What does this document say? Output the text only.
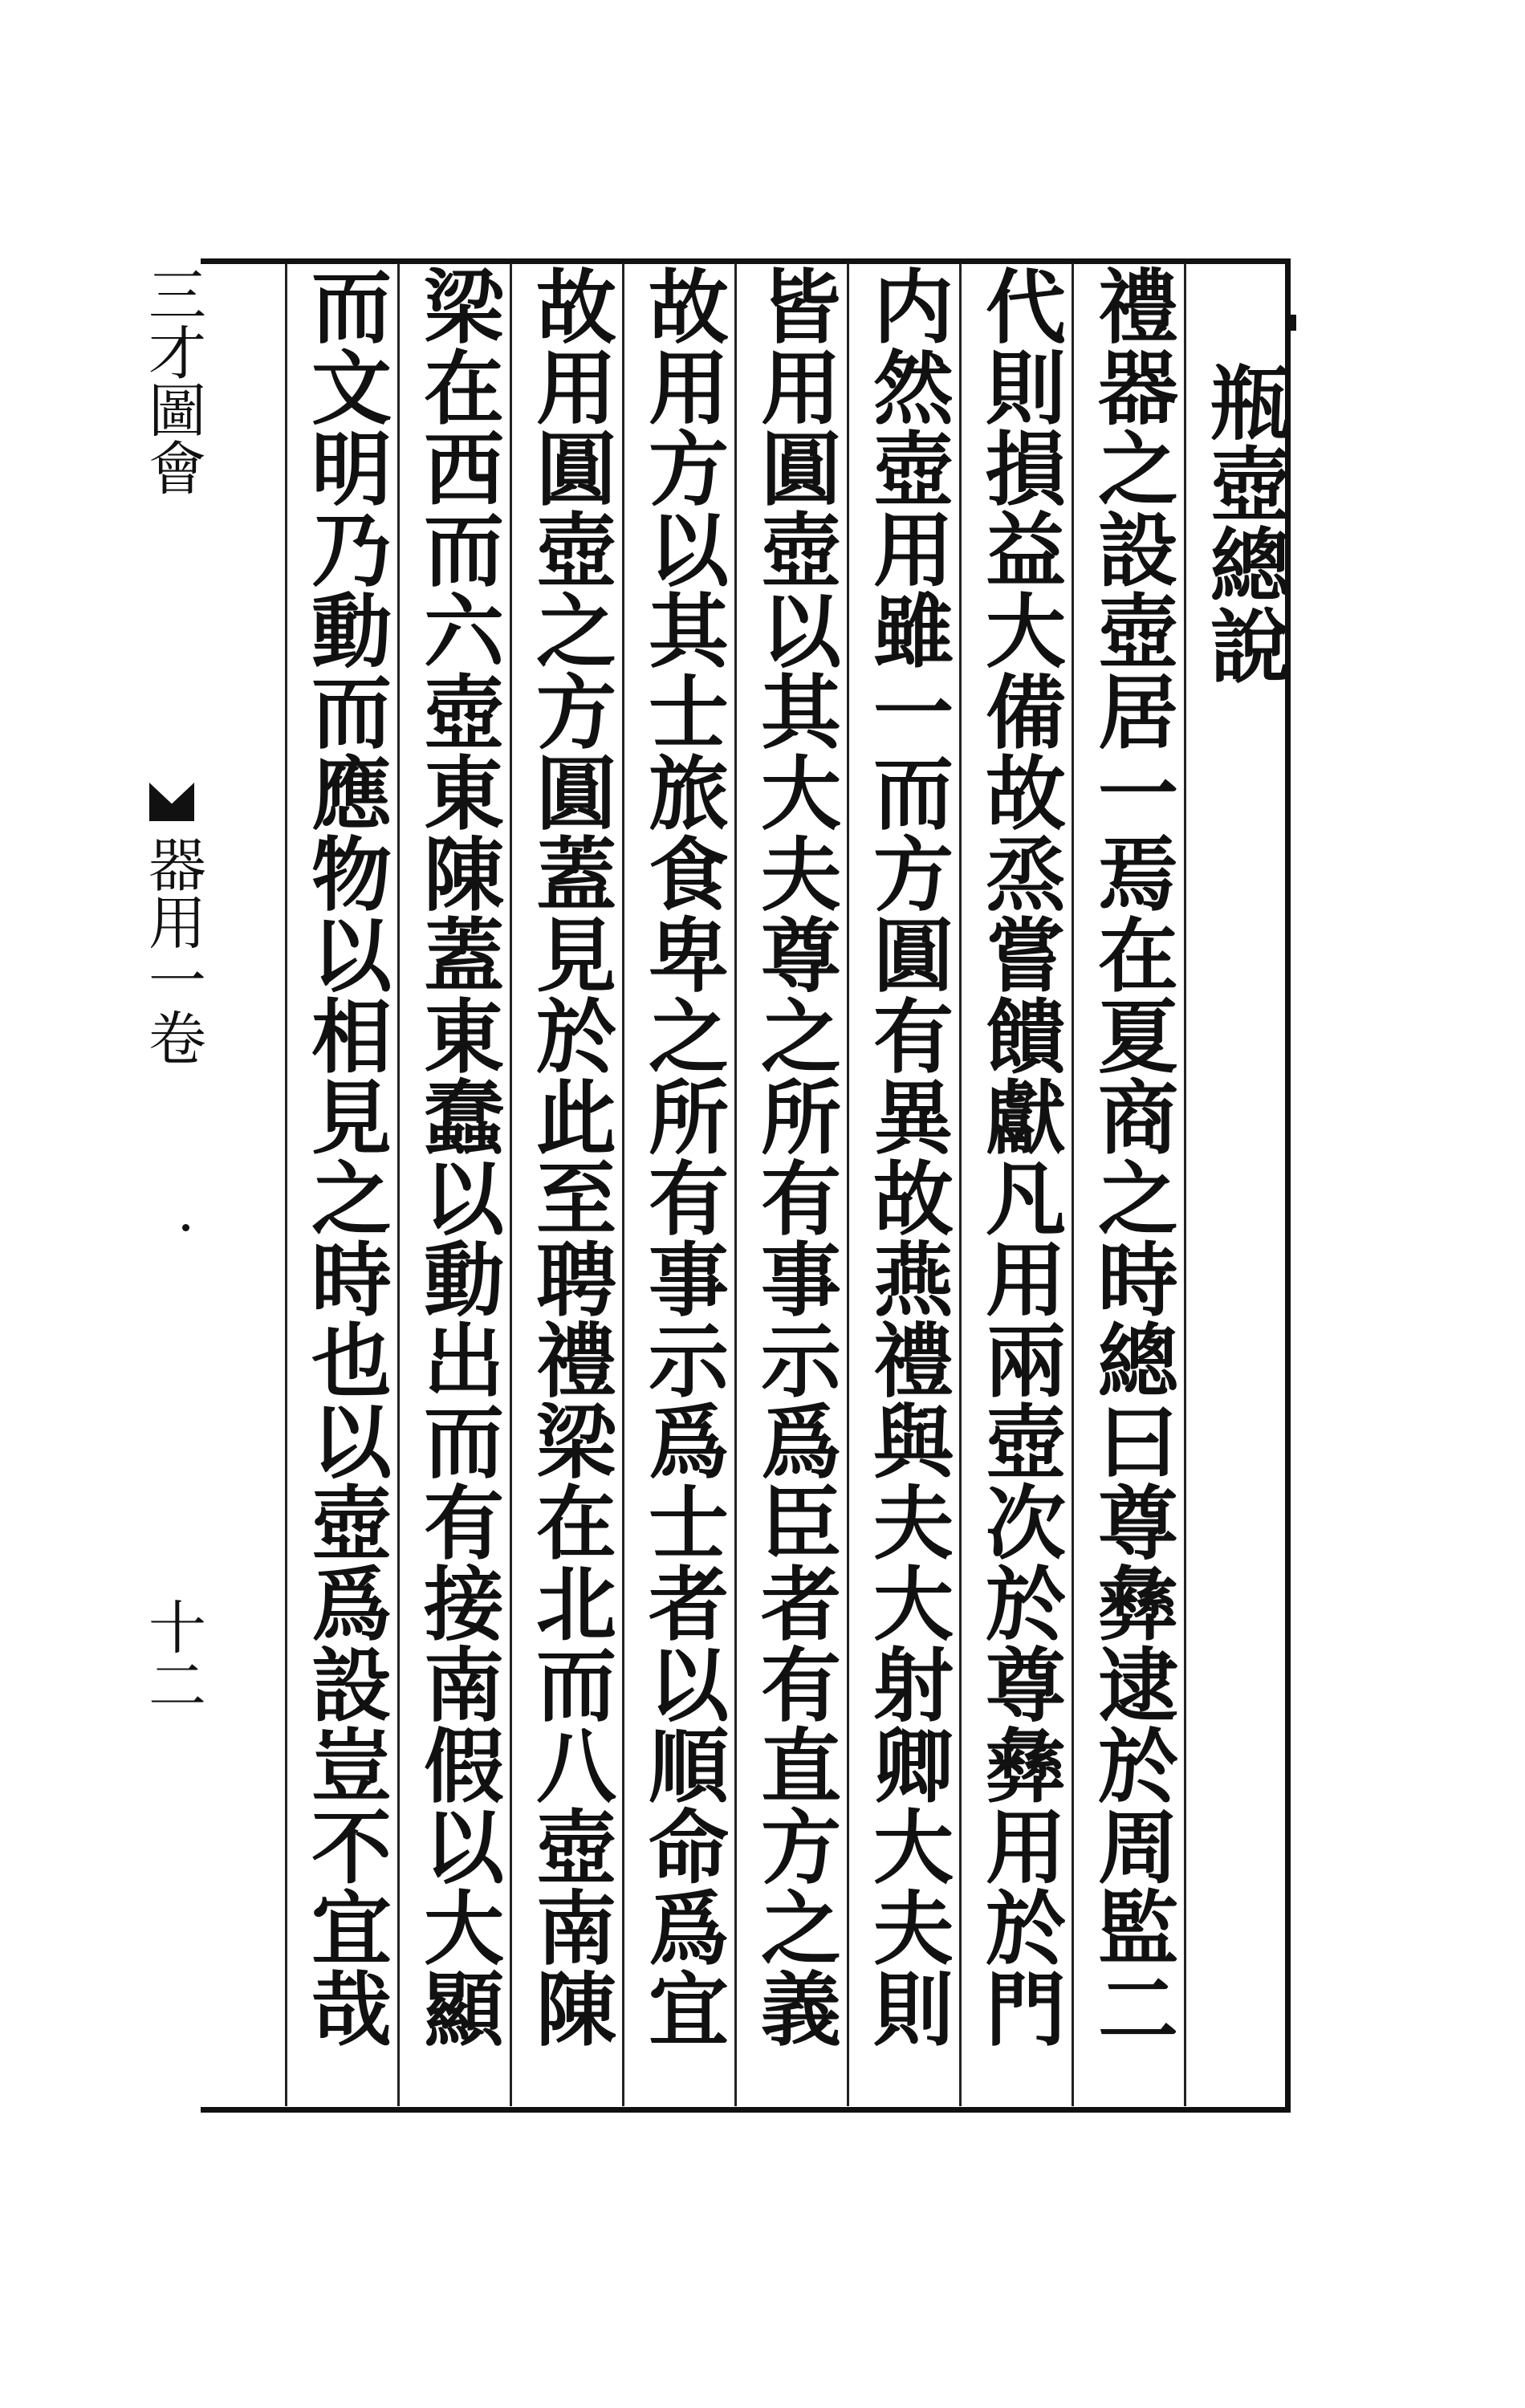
瓶壺總說
禮器之設壺居一焉在夏商之時總曰尊彝逮於周監二
代則損益大備故烝嘗饋獻凡用兩壺次於尊彝用於門
内然壺用雖一而方圓有異故燕禮與夫大射卿大夫則
皆用圓壺以其大夫尊之所有事示爲臣者有直方之義
故用方以其士旅食卑之所有事示爲士者以順命爲宜
故用圓壺之方圓蓋見於此至聘禮梁在北而八壺南陳
梁在西而六壺東陳蓋東蠢以動出而有接南假以大顯
而文明乃動而應物以相見之時也以壺爲設豈不宜哉
三才圖會
器用一卷
十二
